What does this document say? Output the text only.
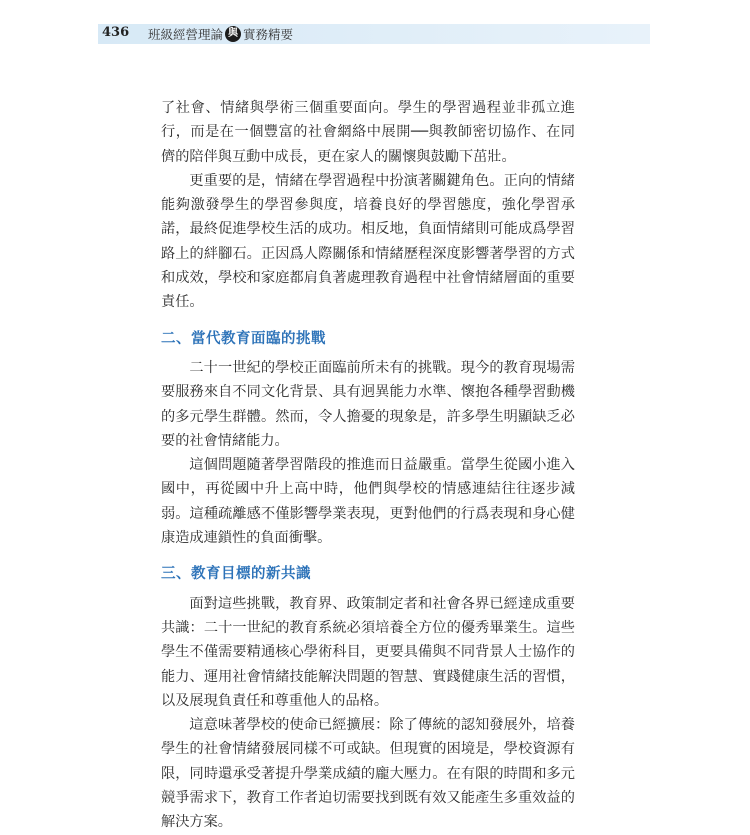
436 班級經營理論 與 實務精要

了社會、情緒與學術三個重要面向。學生的學習過程並非孤立進行，而是在一個豐富的社會網絡中展開──與教師密切協作、在同儕的陪伴與互動中成長，更在家人的關懷與鼓勵下茁壯。

更重要的是，情緒在學習過程中扮演著關鍵角色。正向的情緒能夠激發學生的學習參與度，培養良好的學習態度，強化學習承諾，最終促進學校生活的成功。相反地，負面情緒則可能成爲學習路上的絆腳石。正因爲人際關係和情緒歷程深度影響著學習的方式和成效，學校和家庭都肩負著處理教育過程中社會情緒層面的重要責任。

二、當代教育面臨的挑戰

二十一世紀的學校正面臨前所未有的挑戰。現今的教育現場需要服務來自不同文化背景、具有迥異能力水準、懷抱各種學習動機的多元學生群體。然而，令人擔憂的現象是，許多學生明顯缺乏必要的社會情緒能力。

這個問題隨著學習階段的推進而日益嚴重。當學生從國小進入國中，再從國中升上高中時，他們與學校的情感連結往往逐步減弱。這種疏離感不僅影響學業表現，更對他們的行爲表現和身心健康造成連鎖性的負面衝擊。

三、教育目標的新共識

面對這些挑戰，教育界、政策制定者和社會各界已經達成重要共識：二十一世紀的教育系統必須培養全方位的優秀畢業生。這些學生不僅需要精通核心學術科目，更要具備與不同背景人士協作的能力、運用社會情緒技能解決問題的智慧、實踐健康生活的習慣，以及展現負責任和尊重他人的品格。

這意味著學校的使命已經擴展：除了傳統的認知發展外，培養學生的社會情緒發展同樣不可或缺。但現實的困境是，學校資源有限，同時還承受著提升學業成績的龐大壓力。在有限的時間和多元競爭需求下，教育工作者迫切需要找到既有效又能產生多重效益的解決方案。
